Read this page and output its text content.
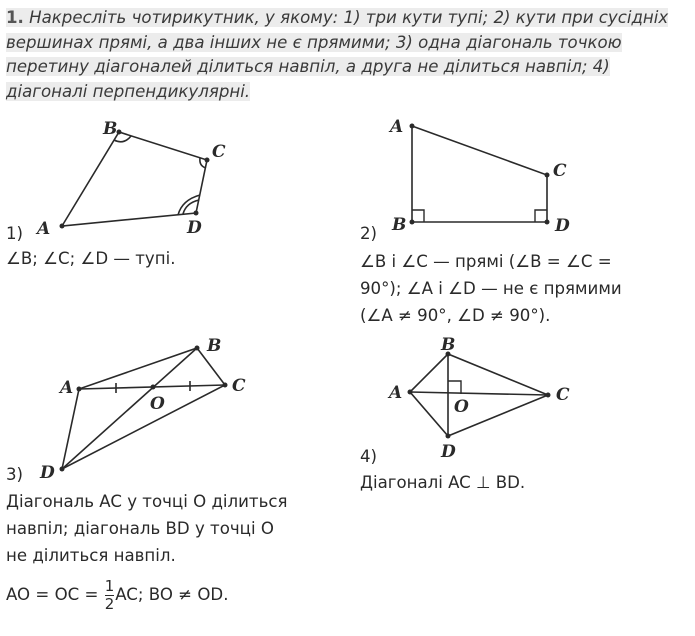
1. Накресліть чотирикутник, у якому: 1) три кути тупі; 2) кути при сусідніх вершинах прямі, а два інших не є прямими; 3) одна діагональ точкою перетину діагоналей ділиться навпіл, а друга не ділиться навпіл; 4) діагоналі перпендикулярні.
A
B
C
D
A
C
B	D
A
B
C
D
O
A
B
C
D
O
1)
∠B; ∠C; ∠D — тупі.
2)
∠B і ∠C — прямі (∠B = ∠C =
90°); ∠A і ∠D — не є прямими
(∠A ≠ 90°, ∠D ≠ 90°).
3)
Діагональ AC у точці O ділиться
навпіл; діагональ BD у точці O
не ділиться навпіл.
AO = OC = $\frac{1}{2}$ AC; BO ≠ OD.
4)
Діагоналі AC ⊥ BD.
